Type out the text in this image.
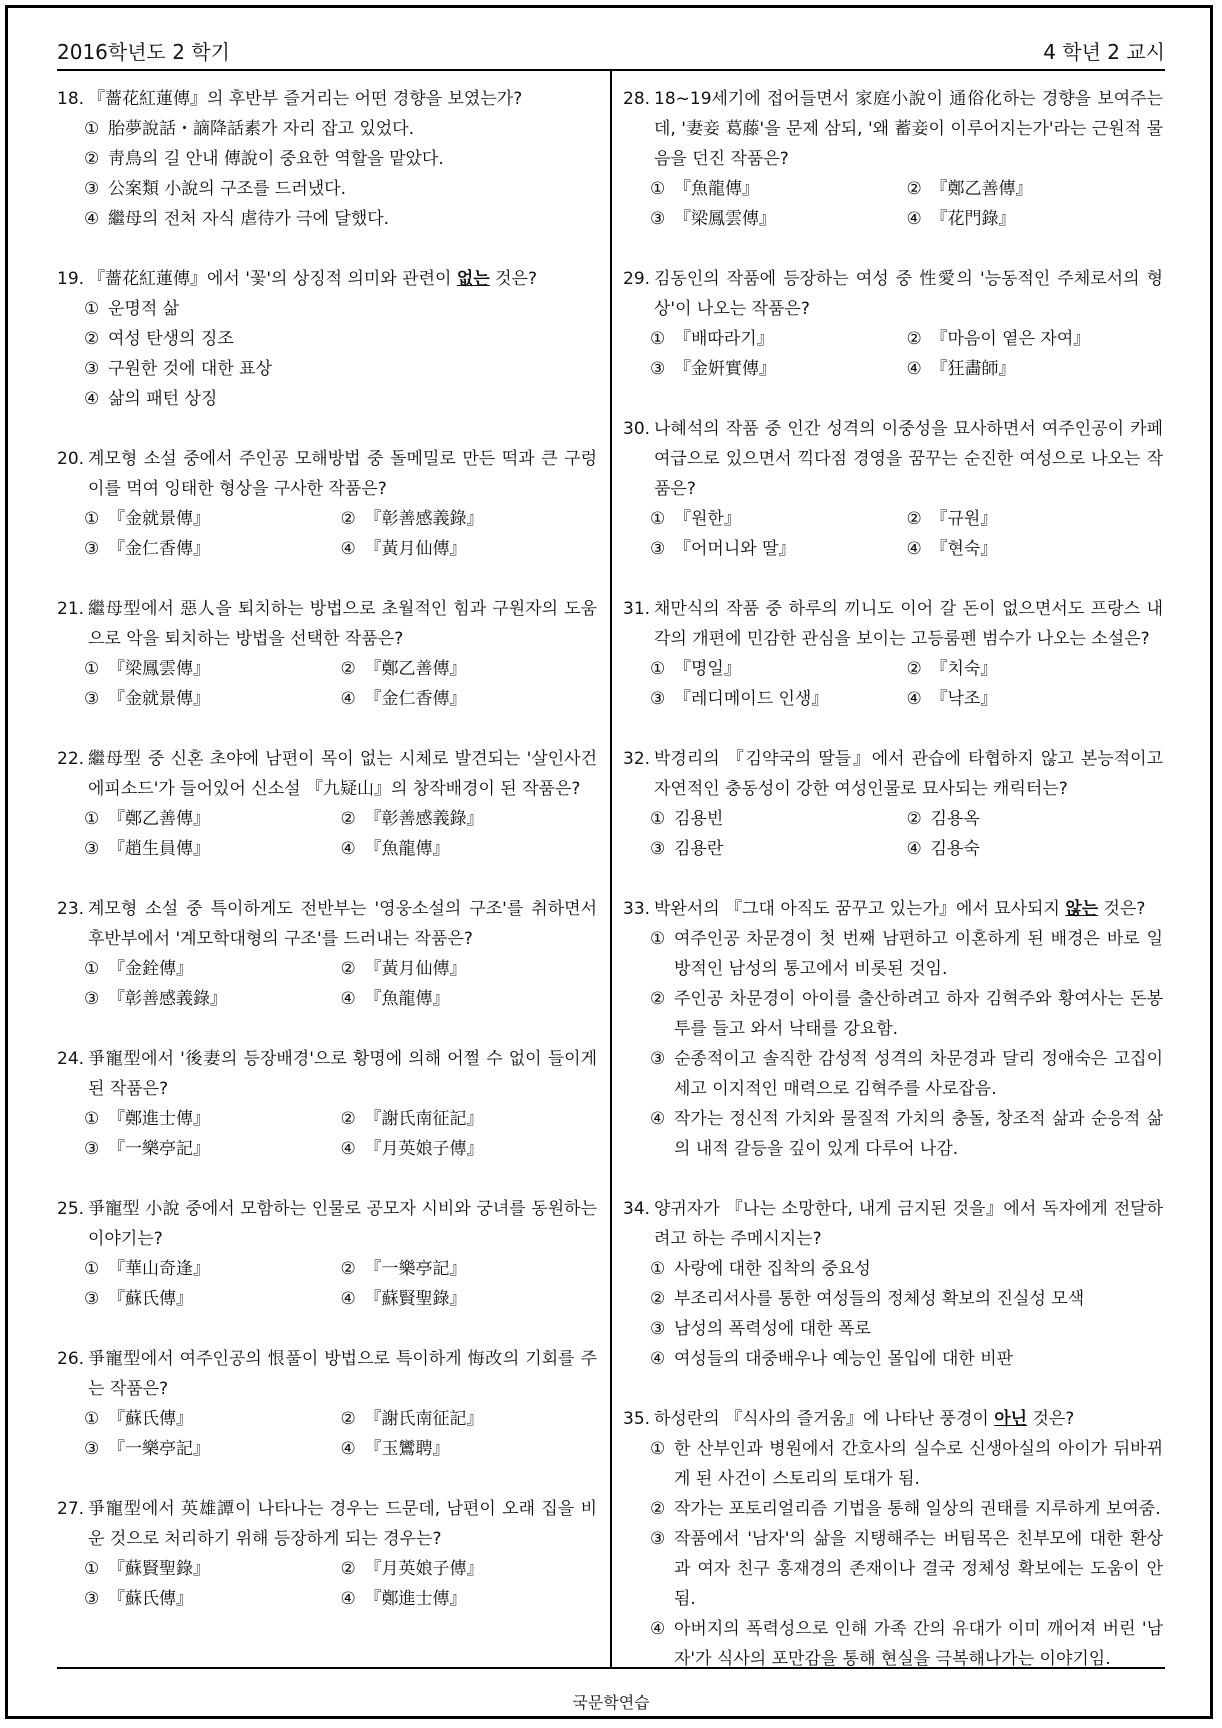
2016학년도 2 학기	4 학년 2 교시
18. 『薔花紅蓮傳』의 후반부 즐거리는 어떤 경향을 보였는가?
① 胎夢說話・謫降話素가 자리 잡고 있었다.
② 靑鳥의 길 안내 傳說이 중요한 역할을 맡았다.
③ 公案類 小說의 구조를 드러냈다.
④ 繼母의 전처 자식 虐待가 극에 달했다.
19. 『薔花紅蓮傳』에서 '꽃'의 상징적 의미와 관련이 없는 것은?
① 운명적 삶
② 여성 탄생의 징조
③ 구원한 것에 대한 표상
④ 삶의 패턴 상징
20. 계모형 소설 중에서 주인공 모해방법 중 돌메밀로 만든 떡과 큰 구렁이를 먹여 잉태한 형상을 구사한 작품은?
① 『金就景傳』	② 『彰善感義錄』
③ 『金仁香傳』	④ 『黃月仙傳』
21. 繼母型에서 惡人을 퇴치하는 방법으로 초월적인 힘과 구원자의 도움으로 악을 퇴치하는 방법을 선택한 작품은?
① 『梁鳳雲傳』	② 『鄭乙善傳』
③ 『金就景傳』	④ 『金仁香傳』
22. 繼母型 중 신혼 초야에 남편이 목이 없는 시체로 발견되는 '살인사건 에피소드'가 들어있어 신소설 『九疑山』의 창작배경이 된 작품은?
① 『鄭乙善傳』	② 『彰善感義錄』
③ 『趙生員傳』	④ 『魚龍傳』
23. 계모형 소설 중 특이하게도 전반부는 '영웅소설의 구조'를 취하면서 후반부에서 '계모학대형의 구조'를 드러내는 작품은?
① 『金銓傳』	② 『黃月仙傳』
③ 『彰善感義錄』	④ 『魚龍傳』
24. 爭寵型에서 '後妻의 등장배경'으로 황명에 의해 어쩔 수 없이 들이게 된 작품은?
① 『鄭進士傳』	② 『謝氏南征記』
③ 『一樂亭記』	④ 『月英娘子傳』
25. 爭寵型 小說 중에서 모함하는 인물로 공모자 시비와 궁녀를 동원하는 이야기는?
① 『華山奇逢』	② 『一樂亭記』
③ 『蘇氏傳』	④ 『蘇賢聖錄』
26. 爭寵型에서 여주인공의 恨풀이 방법으로 특이하게 悔改의 기회를 주는 작품은?
① 『蘇氏傳』	② 『謝氏南征記』
③ 『一樂亭記』	④ 『玉鸞聘』
27. 爭寵型에서 英雄譚이 나타나는 경우는 드문데, 남편이 오래 집을 비운 것으로 처리하기 위해 등장하게 되는 경우는?
① 『蘇賢聖錄』	② 『月英娘子傳』
③ 『蘇氏傳』	④ 『鄭進士傳』
28. 18~19세기에 접어들면서 家庭小說이 通俗化하는 경향을 보여주는데, '妻妾 葛藤'을 문제 삼되, '왜 蓄妾이 이루어지는가'라는 근원적 물음을 던진 작품은?
① 『魚龍傳』	② 『鄭乙善傳』
③ 『梁鳳雲傳』	④ 『花門錄』
29. 김동인의 작품에 등장하는 여성 중 性愛의 '능동적인 주체로서의 형상'이 나오는 작품은?
① 『배따라기』	② 『마음이 옅은 자여』
③ 『金姸實傳』	④ 『狂畵師』
30. 나혜석의 작품 중 인간 성격의 이중성을 묘사하면서 여주인공이 카페 여급으로 있으면서 끽다점 경영을 꿈꾸는 순진한 여성으로 나오는 작품은?
① 『원한』	② 『규원』
③ 『어머니와 딸』	④ 『현숙』
31. 채만식의 작품 중 하루의 끼니도 이어 갈 돈이 없으면서도 프랑스 내각의 개편에 민감한 관심을 보이는 고등룸펜 범수가 나오는 소설은?
① 『명일』	② 『치숙』
③ 『레디메이드 인생』	④ 『낙조』
32. 박경리의 『김약국의 딸들』에서 관습에 타협하지 않고 본능적이고 자연적인 충동성이 강한 여성인물로 묘사되는 캐릭터는?
① 김용빈	② 김용옥
③ 김용란	④ 김용숙
33. 박완서의 『그대 아직도 꿈꾸고 있는가』에서 묘사되지 않는 것은?
① 여주인공 차문경이 첫 번째 남편하고 이혼하게 된 배경은 바로 일방적인 남성의 통고에서 비롯된 것임.
② 주인공 차문경이 아이를 출산하려고 하자 김혁주와 황여사는 돈봉투를 들고 와서 낙태를 강요함.
③ 순종적이고 솔직한 감성적 성격의 차문경과 달리 정애숙은 고집이 세고 이지적인 매력으로 김혁주를 사로잡음.
④ 작가는 정신적 가치와 물질적 가치의 충돌, 창조적 삶과 순응적 삶의 내적 갈등을 깊이 있게 다루어 나감.
34. 양귀자가 『나는 소망한다, 내게 금지된 것을』에서 독자에게 전달하려고 하는 주메시지는?
① 사랑에 대한 집착의 중요성
② 부조리서사를 통한 여성들의 정체성 확보의 진실성 모색
③ 남성의 폭력성에 대한 폭로
④ 여성들의 대중배우나 예능인 몰입에 대한 비판
35. 하성란의 『식사의 즐거움』에 나타난 풍경이 아닌 것은?
① 한 산부인과 병원에서 간호사의 실수로 신생아실의 아이가 뒤바뀌게 된 사건이 스토리의 토대가 됨.
② 작가는 포토리얼리즘 기법을 통해 일상의 권태를 지루하게 보여줌.
③ 작품에서 '남자'의 삶을 지탱해주는 버팀목은 친부모에 대한 환상과 여자 친구 홍재경의 존재이나 결국 정체성 확보에는 도움이 안 됨.
④ 아버지의 폭력성으로 인해 가족 간의 유대가 이미 깨어져 버린 '남자'가 식사의 포만감을 통해 현실을 극복해나가는 이야기임.
국문학연습
